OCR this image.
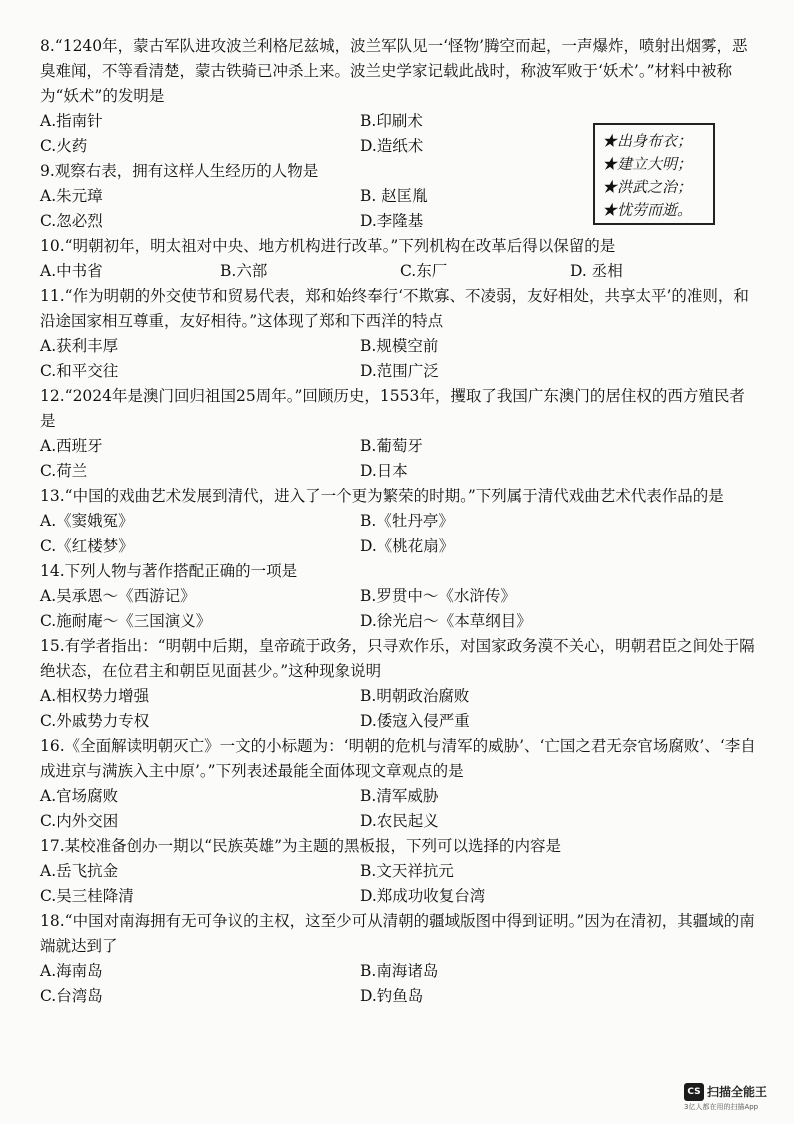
8.“1240年，蒙古军队进攻波兰利格尼兹城，波兰军队见一‘怪物’腾空而起，一声爆炸，喷射出烟雾，恶臭难闻，不等看清楚，蒙古铁骑已冲杀上来。波兰史学家记载此战时，称波军败于‘妖术’。”材料中被称为“妖术”的发明是
A.指南针	B.印刷术
C.火药	D.造纸术
9.观察右表，拥有这样人生经历的人物是
A.朱元璋	B. 赵匡胤
C.忽必烈	D.李隆基
10.“明朝初年，明太祖对中央、地方机构进行改革。”下列机构在改革后得以保留的是
A.中书省	B.六部	C.东厂	D. 丞相
11.“作为明朝的外交使节和贸易代表，郑和始终奉行‘不欺寡、不凌弱，友好相处，共享太平’的准则，和沿途国家相互尊重，友好相待。”这体现了郑和下西洋的特点
A.获利丰厚	B.规模空前
C.和平交往	D.范围广泛
12.“2024年是澳门回归祖国25周年。”回顾历史，1553年，攫取了我国广东澳门的居住权的西方殖民者是
A.西班牙	B.葡萄牙
C.荷兰	D.日本
13.“中国的戏曲艺术发展到清代，进入了一个更为繁荣的时期。”下列属于清代戏曲艺术代表作品的是
A.《窦娥冤》	B.《牡丹亭》
C.《红楼梦》	D.《桃花扇》
14.下列人物与著作搭配正确的一项是
A.吴承恩～《西游记》	B.罗贯中～《水浒传》
C.施耐庵～《三国演义》	D.徐光启～《本草纲目》
15.有学者指出：“明朝中后期，皇帝疏于政务，只寻欢作乐，对国家政务漠不关心，明朝君臣之间处于隔绝状态，在位君主和朝臣见面甚少。”这种现象说明
A.相权势力增强	B.明朝政治腐败
C.外戚势力专权	D.倭寇入侵严重
16.《全面解读明朝灭亡》一文的小标题为：‘明朝的危机与清军的威胁’、‘亡国之君无奈官场腐败’、‘李自成进京与满族入主中原’。”下列表述最能全面体现文章观点的是
A.官场腐败	B.清军威胁
C.内外交困	D.农民起义
17.某校准备创办一期以“民族英雄”为主题的黑板报，下列可以选择的内容是
A.岳飞抗金	B.文天祥抗元
C.吴三桂降清	D.郑成功收复台湾
18.“中国对南海拥有无可争议的主权，这至少可从清朝的疆域版图中得到证明。”因为在清初，其疆域的南端就达到了
A.海南岛	B.南海诸岛
C.台湾岛	D.钓鱼岛
★出身布衣；
★建立大明；
★洪武之治；
★忧劳而逝。
CS 扫描全能王
3亿人都在用的扫描App
